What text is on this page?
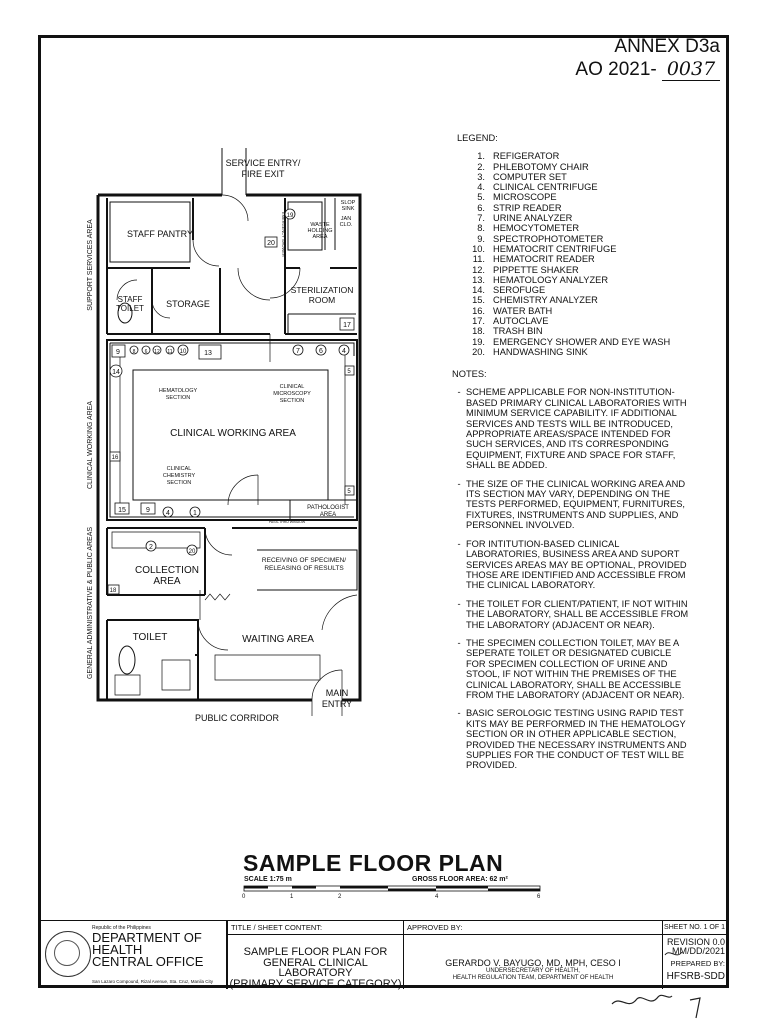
ANNEX D3a
AO 2021- 0037
9	8 6 12 11 10	13
14
7	6	4
5
16
5
15	9 4	1
19
20
17
2
20
18
SERVICE ENTRY/
FIRE EXIT
STAFF PANTRY
STAFF
TOILET STORAGE
STERILIZATION
ROOM
EMERGENCY SHOWER	WASTE
HOLDING
AREA
SLOP
SINK
JAN
CLO.
HEMATOLOGY
SECTION
CLINICAL
MICROSCOPY
SECTION
CLINICAL WORKING AREA
CLINICAL
CHEMISTRY
SECTION
PATHOLOGIST
AREA
PASS-THRU WINDOW
COLLECTION
AREA
RECEIVING OF SPECIMEN/
RELEASING OF RESULTS
TOILET	WAITING AREA
MAIN
ENTRY
PUBLIC CORRIDOR
SUPPORT SERVICES AREA
CLINICAL WORKING AREA
GENERAL ADMINISTRATIVE & PUBLIC AREAS
LEGEND:
1. REFIGERATOR
2. PHLEBOTOMY CHAIR
3. COMPUTER SET
4. CLINICAL CENTRIFUGE
5. MICROSCOPE
6. STRIP READER
7. URINE ANALYZER
8. HEMOCYTOMETER
9. SPECTROPHOTOMETER
10. HEMATOCRIT CENTRIFUGE
11. HEMATOCRIT READER
12. PIPPETTE SHAKER
13. HEMATOLOGY ANALYZER
14. SEROFUGE
15. CHEMISTRY ANALYZER
16. WATER BATH
17. AUTOCLAVE
18. TRASH BIN
19. EMERGENCY SHOWER AND EYE WASH
20. HANDWASHING SINK
NOTES:
- SCHEME APPLICABLE FOR NON-INSTITUTION-BASED PRIMARY CLINICAL LABORATORIES WITH MINIMUM SERVICE CAPABILITY. IF ADDITIONAL SERVICES AND TESTS WILL BE INTRODUCED, APPROPRIATE AREAS/SPACE INTENDED FOR SUCH SERVICES, AND ITS CORRESPONDING EQUIPMENT, FIXTURE AND SPACE FOR STAFF, SHALL BE ADDED.
- THE SIZE OF THE CLINICAL WORKING AREA AND ITS SECTION MAY VARY, DEPENDING ON THE TESTS PERFORMED, EQUIPMENT, FURNITURES, FIXTURES, INSTRUMENTS AND SUPPLIES, AND PERSONNEL INVOLVED.
- FOR INTITUTION-BASED CLINICAL LABORATORIES, BUSINESS AREA AND SUPORT SERVICES AREAS MAY BE OPTIONAL, PROVIDED THOSE ARE IDENTIFIED AND ACCESSIBLE FROM THE CLINICAL LABORATORY.
- THE TOILET FOR CLIENT/PATIENT, IF NOT WITHIN THE LABORATORY, SHALL BE ACCESSIBLE FROM THE LABORATORY (ADJACENT OR NEAR).
- THE SPECIMEN COLLECTION TOILET, MAY BE A SEPERATE TOILET OR DESIGNATED CUBICLE FOR SPECIMEN COLLECTION OF URINE AND STOOL, IF NOT WITHIN THE PREMISES OF THE CLINICAL LABORATORY, SHALL BE ACCESSIBLE FROM THE LABORATORY (ADJACENT OR NEAR).
- BASIC SEROLOGIC TESTING USING RAPID TEST KITS MAY BE PERFORMED IN THE HEMATOLOGY SECTION OR IN OTHER APPLICABLE SECTION, PROVIDED THE NECESSARY INSTRUMENTS AND SUPPLIES FOR THE CONDUCT OF TEST WILL BE PROVIDED.
SAMPLE FLOOR PLAN
SCALE 1:75 m	GROSS FLOOR AREA: 62 m²
0	1	2	4	6
Republic of the Philippines
DEPARTMENT OF
HEALTH
CENTRAL OFFICE
San Lazaro Compound, Rizal Avenue, Sta. Cruz, Manila City
TITLE / SHEET CONTENT:
SAMPLE FLOOR PLAN FOR
GENERAL CLINICAL LABORATORY
(PRIMARY SERVICE CATEGORY)
APPROVED BY:
GERARDO V. BAYUGO, MD, MPH, CESO I
UNDERSECRETARY OF HEALTH,
HEALTH REGULATION TEAM, DEPARTMENT OF HEALTH
SHEET NO. 1 OF 1
REVISION 0.0
MM/DD/2021
PREPARED BY:
HFSRB-SDD
